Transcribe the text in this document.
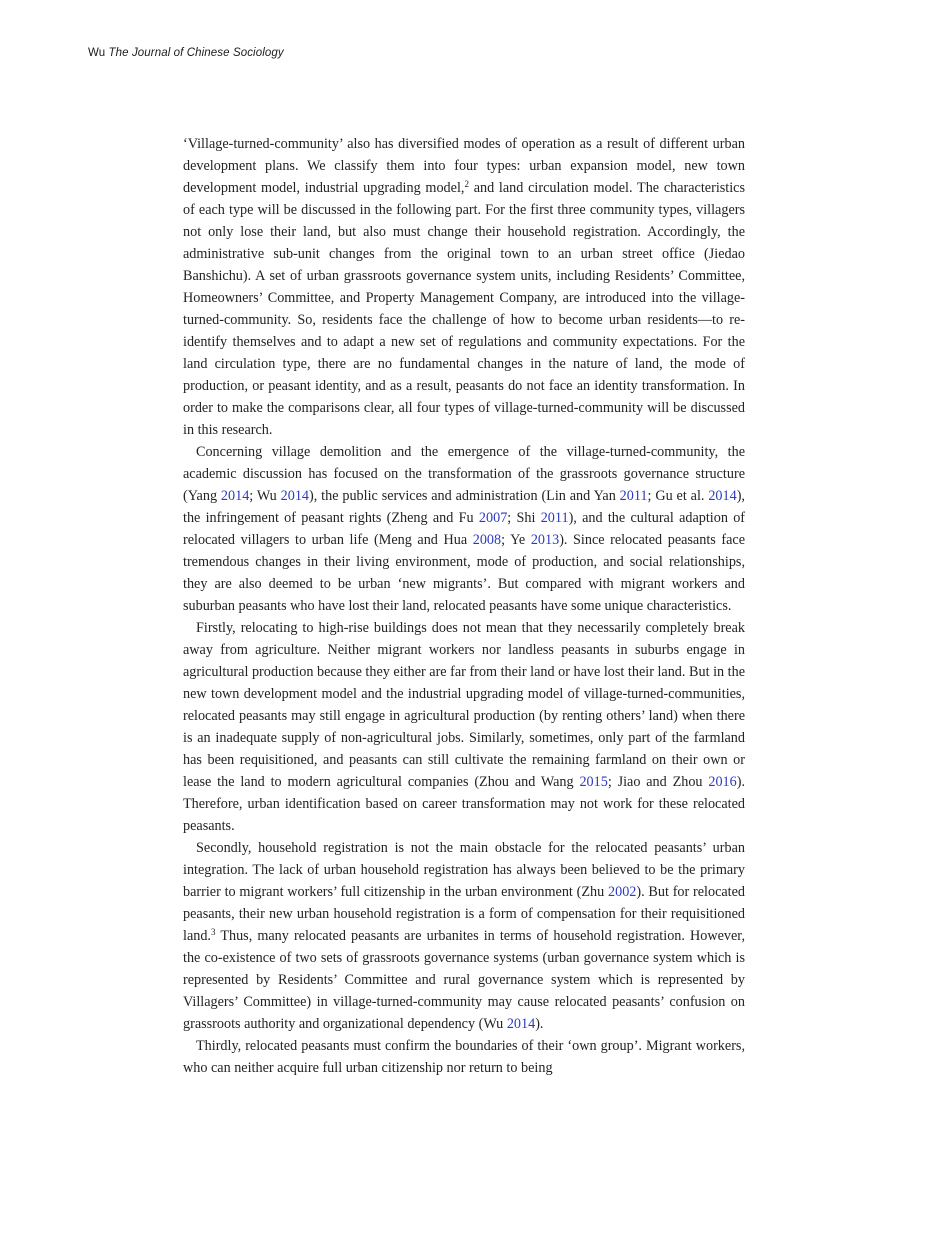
Wu The Journal of Chinese Sociology

‘Village-turned-community’ also has diversified modes of operation as a result of different urban development plans. We classify them into four types: urban expansion model, new town development model, industrial upgrading model,$^2$ and land circulation model. The characteristics of each type will be discussed in the following part. For the first three community types, villagers not only lose their land, but also must change their household registration. Accordingly, the administrative sub-unit changes from the original town to an urban street office (Jiedao Banshichu). A set of urban grassroots governance system units, including Residents’ Committee, Homeowners’ Committee, and Property Management Company, are introduced into the village-turned-community. So, residents face the challenge of how to become urban residents—to re-identify themselves and to adapt a new set of regulations and community expectations. For the land circulation type, there are no fundamental changes in the nature of land, the mode of production, or peasant identity, and as a result, peasants do not face an identity transformation. In order to make the comparisons clear, all four types of village-turned-community will be discussed in this research.

Concerning village demolition and the emergence of the village-turned-community, the academic discussion has focused on the transformation of the grassroots governance structure (Yang 2014; Wu 2014), the public services and administration (Lin and Yan 2011; Gu et al. 2014), the infringement of peasant rights (Zheng and Fu 2007; Shi 2011), and the cultural adaption of relocated villagers to urban life (Meng and Hua 2008; Ye 2013). Since relocated peasants face tremendous changes in their living environment, mode of production, and social relationships, they are also deemed to be urban ‘new migrants’. But compared with migrant workers and suburban peasants who have lost their land, relocated peasants have some unique characteristics.

Firstly, relocating to high-rise buildings does not mean that they necessarily completely break away from agriculture. Neither migrant workers nor landless peasants in suburbs engage in agricultural production because they either are far from their land or have lost their land. But in the new town development model and the industrial upgrading model of village-turned-communities, relocated peasants may still engage in agricultural production (by renting others’ land) when there is an inadequate supply of non-agricultural jobs. Similarly, sometimes, only part of the farmland has been requisitioned, and peasants can still cultivate the remaining farmland on their own or lease the land to modern agricultural companies (Zhou and Wang 2015; Jiao and Zhou 2016). Therefore, urban identification based on career transformation may not work for these relocated peasants.

Secondly, household registration is not the main obstacle for the relocated peasants’ urban integration. The lack of urban household registration has always been believed to be the primary barrier to migrant workers’ full citizenship in the urban environment (Zhu 2002). But for relocated peasants, their new urban household registration is a form of compensation for their requisitioned land.$^3$ Thus, many relocated peasants are urbanites in terms of household registration. However, the co-existence of two sets of grassroots governance systems (urban governance system which is represented by Residents’ Committee and rural governance system which is represented by Villagers’ Committee) in village-turned-community may cause relocated peasants’ confusion on grassroots authority and organizational dependency (Wu 2014).

Thirdly, relocated peasants must confirm the boundaries of their ‘own group’. Migrant workers, who can neither acquire full urban citizenship nor return to being
